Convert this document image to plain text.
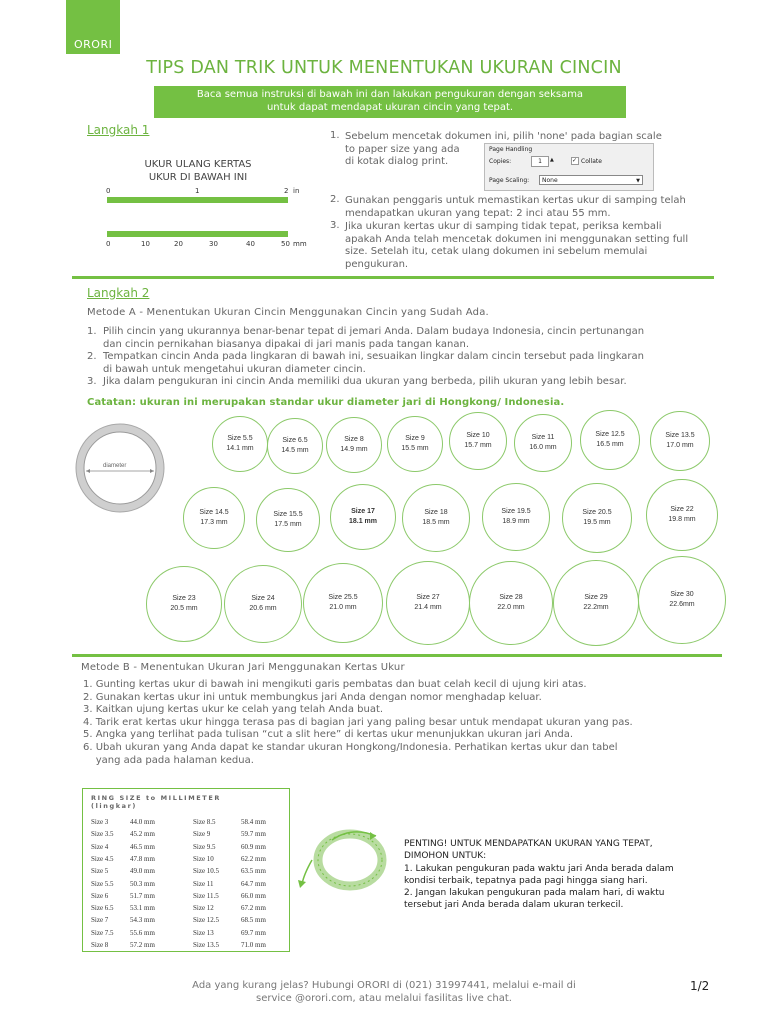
ORORI
TIPS DAN TRIK UNTUK MENENTUKAN UKURAN CINCIN
Baca semua instruksi di bawah ini dan lakukan pengukuran dengan seksama
untuk dapat mendapat ukuran cincin yang tepat.
Langkah 1
UKUR ULANG KERTAS
UKUR DI BAWAH INI
0	1	2 in
0	10	20	30	40	50 mm
1. Sebelum mencetak dokumen ini, pilih 'none' pada bagian scale
to paper size yang ada
di kotak dialog print.
Page Handling
Copies:	1	▲	✓ Collate
Page Scaling:	None	▼
2. Gunakan penggaris untuk memastikan kertas ukur di samping telah mendapatkan ukuran yang tepat: 2 inci atau 55 mm.
3. Jika ukuran kertas ukur di samping tidak tepat, periksa kembali apakah Anda telah mencetak dokumen ini menggunakan setting full size. Setelah itu, cetak ulang dokumen ini sebelum memulai pengukuran.
Langkah 2
Metode A - Menentukan Ukuran Cincin Menggunakan Cincin yang Sudah Ada.
1. Pilih cincin yang ukurannya benar-benar tepat di jemari Anda. Dalam budaya Indonesia, cincin pertunangan
dan cincin pernikahan biasanya dipakai di jari manis pada tangan kanan.
2. Tempatkan cincin Anda pada lingkaran di bawah ini, sesuaikan lingkar dalam cincin tersebut pada lingkaran
di bawah untuk mengetahui ukuran diameter cincin.
3. Jika dalam pengukuran ini cincin Anda memiliki dua ukuran yang berbeda, pilih ukuran yang lebih besar.
Catatan: ukuran ini merupakan standar ukur diameter jari di Hongkong/ Indonesia.
diameter
Size 5.5
14.1 mm
Size 6.5
14.5 mm
Size 8
14.9 mm
Size 9
15.5 mm
Size 10
15.7 mm
Size 11
16.0 mm
Size 12.5
16.5 mm
Size 13.5
17.0 mm
Size 14.5
17.3 mm
Size 15.5
17.5 mm
Size 17
18.1 mm
Size 18
18.5 mm
Size 19.5
18.9 mm
Size 20.5
19.5 mm
Size 22
19.8 mm
Size 23
20.5 mm
Size 24
20.6 mm
Size 25.5
21.0 mm
Size 27
21.4 mm
Size 28
22.0 mm
Size 29
22.2mm
Size 30
22.6mm
Metode B - Menentukan Ukuran Jari Menggunakan Kertas Ukur
1. Gunting kertas ukur di bawah ini mengikuti garis pembatas dan buat celah kecil di ujung kiri atas.
2. Gunakan kertas ukur ini untuk membungkus jari Anda dengan nomor menghadap keluar.
3. Kaitkan ujung kertas ukur ke celah yang telah Anda buat.
4. Tarik erat kertas ukur hingga terasa pas di bagian jari yang paling besar untuk mendapat ukuran yang pas.
5. Angka yang terlihat pada tulisan “cut a slit here” di kertas ukur menunjukkan ukuran jari Anda.
6. Ubah ukuran yang Anda dapat ke standar ukuran Hongkong/Indonesia. Perhatikan kertas ukur dan tabel
yang ada pada halaman kedua.
RING SIZE to MILLIMETER
(lingkar)
Size 3	44.0 mm
Size 3.5 45.2 mm
Size 4	46.5 mm
Size 4.5 47.8 mm
Size 5	49.0 mm
Size 5.5 50.3 mm
Size 6	51.7 mm
Size 6.5 53.1 mm
Size 7	54.3 mm
Size 7.5 55.6 mm
Size 8	57.2 mm
Size 8.5	58.4 mm
Size 9	59.7 mm
Size 9.5	60.9 mm
Size 10	62.2 mm
Size 10.5	63.5 mm
Size 11	64.7 mm
Size 11.5	66.0 mm
Size 12	67.2 mm
Size 12.5	68.5 mm
Size 13	69.7 mm
Size 13.5	71.0 mm
PENTING! UNTUK MENDAPATKAN UKURAN YANG TEPAT,
DIMOHON UNTUK:
1. Lakukan pengukuran pada waktu jari Anda berada dalam
kondisi terbaik, tepatnya pada pagi hingga siang hari.
2. Jangan lakukan pengukuran pada malam hari, di waktu
tersebut jari Anda berada dalam ukuran terkecil.
Ada yang kurang jelas? Hubungi ORORI di (021) 31997441, melalui e-mail di
service @orori.com, atau melalui fasilitas live chat.
1/2
